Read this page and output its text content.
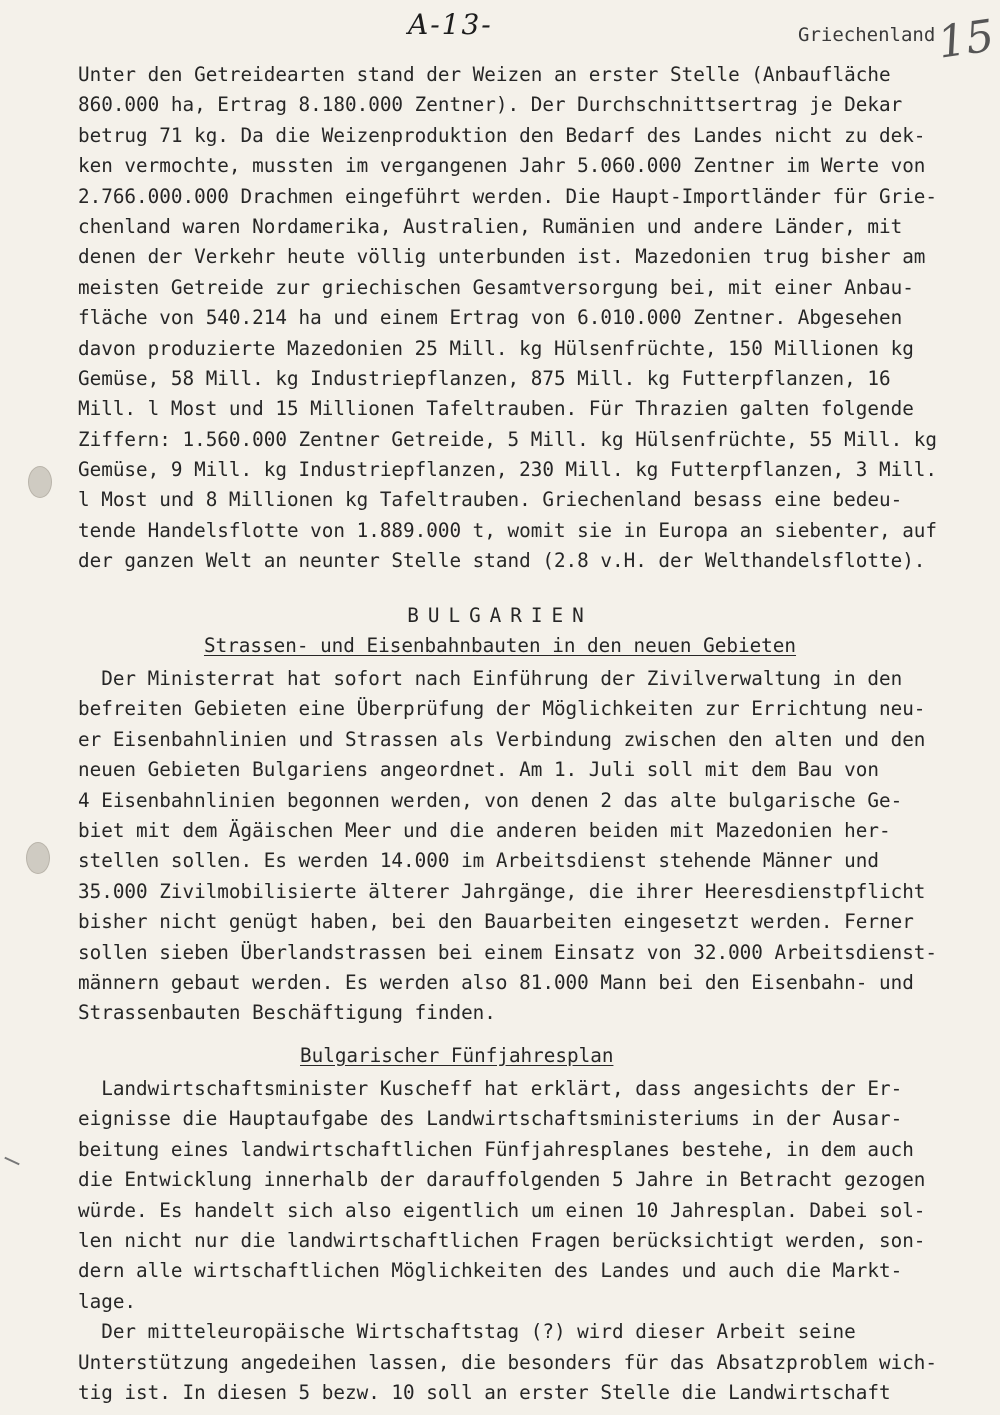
A-13-	Griechenland 15
Unter den Getreidearten stand der Weizen an erster Stelle (Anbaufläche
860.000 ha, Ertrag 8.180.000 Zentner). Der Durchschnittsertrag je Dekar
betrug 71 kg. Da die Weizenproduktion den Bedarf des Landes nicht zu dek-
ken vermochte, mussten im vergangenen Jahr 5.060.000 Zentner im Werte von
2.766.000.000 Drachmen eingeführt werden. Die Haupt-Importländer für Grie-
chenland waren Nordamerika, Australien, Rumänien und andere Länder, mit
denen der Verkehr heute völlig unterbunden ist. Mazedonien trug bisher am
meisten Getreide zur griechischen Gesamtversorgung bei, mit einer Anbau-
fläche von 540.214 ha und einem Ertrag von 6.010.000 Zentner. Abgesehen
davon produzierte Mazedonien 25 Mill. kg Hülsenfrüchte, 150 Millionen kg
Gemüse, 58 Mill. kg Industriepflanzen, 875 Mill. kg Futterpflanzen, 16
Mill. l Most und 15 Millionen Tafeltrauben. Für Thrazien galten folgende
Ziffern: 1.560.000 Zentner Getreide, 5 Mill. kg Hülsenfrüchte, 55 Mill. kg
Gemüse, 9 Mill. kg Industriepflanzen, 230 Mill. kg Futterpflanzen, 3 Mill.
l Most und 8 Millionen kg Tafeltrauben. Griechenland besass eine bedeu-
tende Handelsflotte von 1.889.000 t, womit sie in Europa an siebenter, auf
der ganzen Welt an neunter Stelle stand (2.8 v.H. der Welthandelsflotte).
BULGARIEN
Strassen- und Eisenbahnbauten in den neuen Gebieten
Der Ministerrat hat sofort nach Einführung der Zivilverwaltung in den
befreiten Gebieten eine Überprüfung der Möglichkeiten zur Errichtung neu-
er Eisenbahnlinien und Strassen als Verbindung zwischen den alten und den
neuen Gebieten Bulgariens angeordnet. Am 1. Juli soll mit dem Bau von
4 Eisenbahnlinien begonnen werden, von denen 2 das alte bulgarische Ge-
biet mit dem Ägäischen Meer und die anderen beiden mit Mazedonien her-
stellen sollen. Es werden 14.000 im Arbeitsdienst stehende Männer und
35.000 Zivilmobilisierte älterer Jahrgänge, die ihrer Heeresdienstpflicht
bisher nicht genügt haben, bei den Bauarbeiten eingesetzt werden. Ferner
sollen sieben Überlandstrassen bei einem Einsatz von 32.000 Arbeitsdienst-
männern gebaut werden. Es werden also 81.000 Mann bei den Eisenbahn- und
Strassenbauten Beschäftigung finden.
Bulgarischer Fünfjahresplan
Landwirtschaftsminister Kuscheff hat erklärt, dass angesichts der Er-
eignisse die Hauptaufgabe des Landwirtschaftsministeriums in der Ausar-
beitung eines landwirtschaftlichen Fünfjahresplanes bestehe, in dem auch
die Entwicklung innerhalb der darauffolgenden 5 Jahre in Betracht gezogen
würde. Es handelt sich also eigentlich um einen 10 Jahresplan. Dabei sol-
len nicht nur die landwirtschaftlichen Fragen berücksichtigt werden, son-
dern alle wirtschaftlichen Möglichkeiten des Landes und auch die Markt-
lage.
Der mitteleuropäische Wirtschaftstag (?) wird dieser Arbeit seine
Unterstützung angedeihen lassen, die besonders für das Absatzproblem wich-
tig ist. In diesen 5 bezw. 10 soll an erster Stelle die Landwirtschaft
